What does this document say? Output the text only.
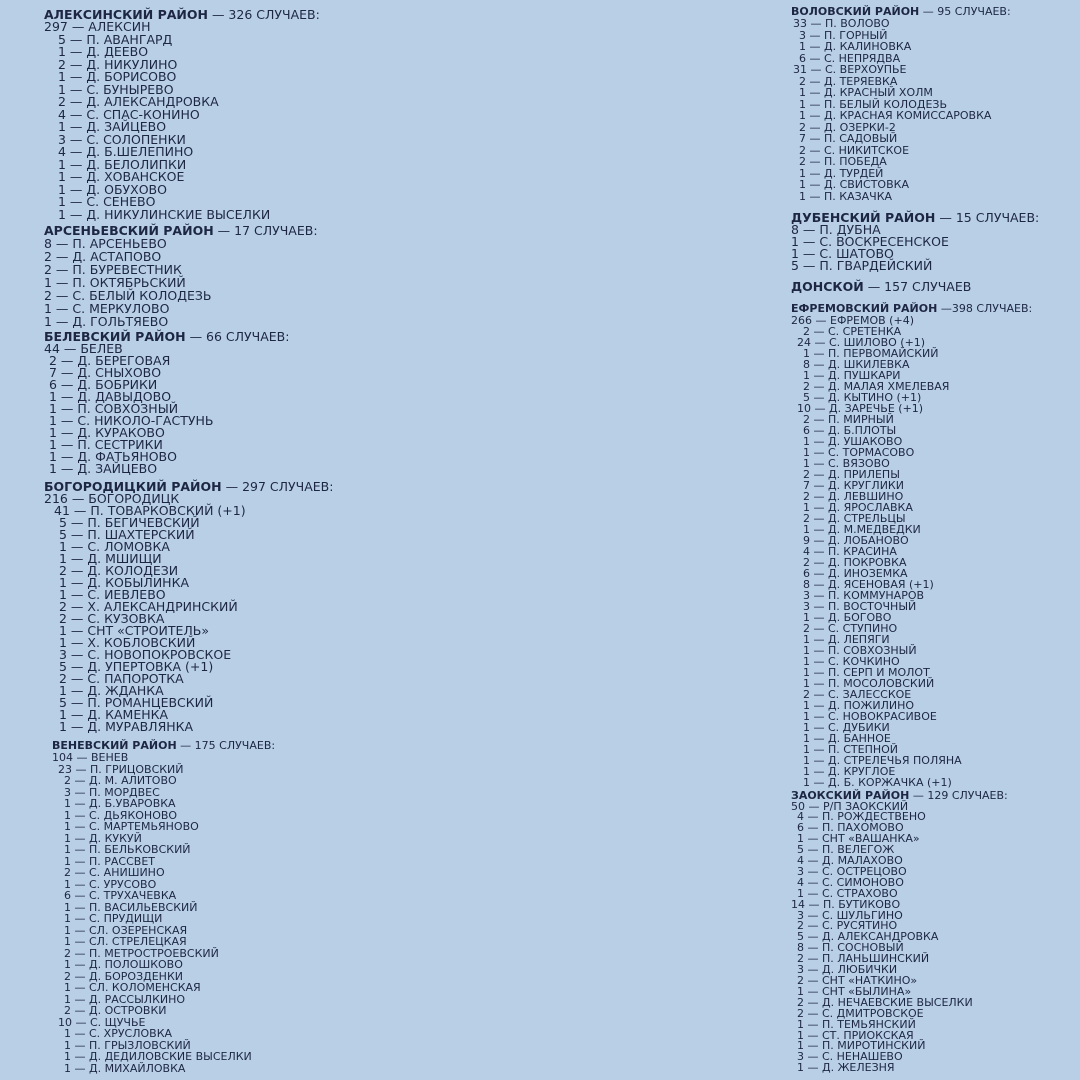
АЛЕКСИНСКИЙ РАЙОН — 326 СЛУЧАЕВ:
297 — АЛЕКСИН
5 — П. АВАНГАРД
1 — Д. ДЕЕВО
2 — Д. НИКУЛИНО
1 — Д. БОРИСОВО
1 — С. БУНЫРЕВО
2 — Д. АЛЕКСАНДРОВКА
4 — С. СПАС-КОНИНО
1 — Д. ЗАЙЦЕВО
3 — С. СОЛОПЕНКИ
4 — Д. Б.ШЕЛЕПИНО
1 — Д. БЕЛОЛИПКИ
1 — Д. ХОВАНСКОЕ
1 — Д. ОБУХОВО
1 — С. СЕНЕВО
1 — Д. НИКУЛИНСКИЕ ВЫСЕЛКИ
АРСЕНЬЕВСКИЙ РАЙОН — 17 СЛУЧАЕВ:
8 — П. АРСЕНЬЕВО
2 — Д. АСТАПОВО
2 — П. БУРЕВЕСТНИК
1 — П. ОКТЯБРЬСКИЙ
2 — С. БЕЛЫЙ КОЛОДЕЗЬ
1 — С. МЕРКУЛОВО
1 — Д. ГОЛЬТЯЕВО
БЕЛЕВСКИЙ РАЙОН — 66 СЛУЧАЕВ:
44 — БЕЛЕВ
2 — Д. БЕРЕГОВАЯ
7 — Д. СНЫХОВО
6 — Д. БОБРИКИ
1 — Д. ДАВЫДОВО
1 — П. СОВХОЗНЫЙ
1 — С. НИКОЛО-ГАСТУНЬ
1 — Д. КУРАКОВО
1 — П. СЕСТРИКИ
1 — Д. ФАТЬЯНОВО
1 — Д. ЗАЙЦЕВО
БОГОРОДИЦКИЙ РАЙОН — 297 СЛУЧАЕВ:
216 — БОГОРОДИЦК
41 — П. ТОВАРКОВСКИЙ (+1)
5 — П. БЕГИЧЕВСКИЙ
5 — П. ШАХТЕРСКИЙ
1 — С. ЛОМОВКА
1 — Д. МШИЩИ
2 — Д. КОЛОДЕЗИ
1 — Д. КОБЫЛИНКА
1 — С. ИЕВЛЕВО
2 — Х. АЛЕКСАНДРИНСКИЙ
2 — С. КУЗОВКА
1 — СНТ «СТРОИТЕЛЬ»
1 — Х. КОБЛОВСКИЙ
3 — С. НОВОПОКРОВСКОЕ
5 — Д. УПЕРТОВКА (+1)
2 — С. ПАПОРОТКА
1 — Д. ЖДАНКА
5 — П. РОМАНЦЕВСКИЙ
1 — Д. КАМЕНКА
1 — Д. МУРАВЛЯНКА
ВЕНЕВСКИЙ РАЙОН — 175 СЛУЧАЕВ:
104 — ВЕНЕВ
23 — П. ГРИЦОВСКИЙ
2 — Д. М. АЛИТОВО
3 — П. МОРДВЕС
1 — Д. Б.УВАРОВКА
1 — С. ДЬЯКОНОВО
1 — С. МАРТЕМЬЯНОВО
1 — Д. КУКУЙ
1 — П. БЕЛЬКОВСКИЙ
1 — П. РАССВЕТ
2 — С. АНИШИНО
1 — С. УРУСОВО
6 — С. ТРУХАЧЕВКА
1 — П. ВАСИЛЬЕВСКИЙ
1 — С. ПРУДИЩИ
1 — СЛ. ОЗЕРЕНСКАЯ
1 — СЛ. СТРЕЛЕЦКАЯ
2 — П. МЕТРОСТРОЕВСКИЙ
1 — Д. ПОЛОШКОВО
2 — Д. БОРОЗДЕНКИ
1 — СЛ. КОЛОМЕНСКАЯ
1 — Д. РАССЫЛКИНО
2 — Д. ОСТРОВКИ
10 — С. ЩУЧЬЕ
1 — С. ХРУСЛОВКА
1 — П. ГРЫЗЛОВСКИЙ
1 — Д. ДЕДИЛОВСКИЕ ВЫСЕЛКИ
1 — Д. МИХАЙЛОВКА
ВОЛОВСКИЙ РАЙОН — 95 СЛУЧАЕВ:
33 — П. ВОЛОВО
3 — П. ГОРНЫЙ
1 — Д. КАЛИНОВКА
6 — С. НЕПРЯДВА
31 — С. ВЕРХОУПЬЕ
2 — Д. ТЕРЯЕВКА
1 — Д. КРАСНЫЙ ХОЛМ
1 — П. БЕЛЫЙ КОЛОДЕЗЬ
1 — Д. КРАСНАЯ КОМИССАРОВКА
2 — Д. ОЗЕРКИ-2
7 — П. САДОВЫЙ
2 — С. НИКИТСКОЕ
2 — П. ПОБЕДА
1 — Д. ТУРДЕЙ
1 — Д. СВИСТОВКА
1 — П. КАЗАЧКА
ДУБЕНСКИЙ РАЙОН — 15 СЛУЧАЕВ:
8 — П. ДУБНА
1 — С. ВОСКРЕСЕНСКОЕ
1 — С. ШАТОВО
5 — П. ГВАРДЕЙСКИЙ
ДОНСКОЙ — 157 СЛУЧАЕВ
ЕФРЕМОВСКИЙ РАЙОН —398 СЛУЧАЕВ:
266 — ЕФРЕМОВ (+4)
2 — С. СРЕТЕНКА
24 — С. ШИЛОВО (+1)
1 — П. ПЕРВОМАЙСКИЙ
8 — Д. ШКИЛЕВКА
1 — Д. ПУШКАРИ
2 — Д. МАЛАЯ ХМЕЛЕВАЯ
5 — Д. КЫТИНО (+1)
10 — Д. ЗАРЕЧЬЕ (+1)
2 — П. МИРНЫЙ
6 — Д. Б.ПЛОТЫ
1 — Д. УШАКОВО
1 — С. ТОРМАСОВО
1 — С. ВЯЗОВО
2 — Д. ПРИЛЕПЫ
7 — Д. КРУГЛИКИ
2 — Д. ЛЕВШИНО
1 — Д. ЯРОСЛАВКА
2 — Д. СТРЕЛЬЦЫ
1 — Д. М.МЕДВЕДКИ
9 — Д. ЛОБАНОВО
4 — П. КРАСИНА
2 — Д. ПОКРОВКА
6 — Д. ИНОЗЕМКА
8 — Д. ЯСЕНОВАЯ (+1)
3 — П. КОММУНАРОВ
3 — П. ВОСТОЧНЫЙ
1 — Д. БОГОВО
2 — С. СТУПИНО
1 — Д. ЛЕПЯГИ
1 — П. СОВХОЗНЫЙ
1 — С. КОЧКИНО
1 — П. СЕРП И МОЛОТ
1 — П. МОСОЛОВСКИЙ
2 — С. ЗАЛЕССКОЕ
1 — Д. ПОЖИЛИНО
1 — С. НОВОКРАСИВОЕ
1 — С. ДУБИКИ
1 — Д. БАННОЕ
1 — П. СТЕПНОЙ
1 — Д. СТРЕЛЕЧЬЯ ПОЛЯНА
1 — Д. КРУГЛОЕ
1 — Д. Б. КОРЖАЧКА (+1)
ЗАОКСКИЙ РАЙОН — 129 СЛУЧАЕВ:
50 — Р/П ЗАОКСКИЙ
4 — П. РОЖДЕСТВЕНО
6 — П. ПАХОМОВО
1 — СНТ «ВАШАНКА»
5 — П. ВЕЛЕГОЖ
4 — Д. МАЛАХОВО
3 — С. ОСТРЕЦОВО
4 — С. СИМОНОВО
1 — С. СТРАХОВО
14 — П. БУТИКОВО
3 — С. ШУЛЬГИНО
2 — С. РУСЯТИНО
5 — Д. АЛЕКСАНДРОВКА
8 — П. СОСНОВЫЙ
2 — П. ЛАНЬШИНСКИЙ
3 — Д. ЛЮБИЧКИ
2 — СНТ «НАТКИНО»
1 — СНТ «БЫЛИНА»
2 — Д. НЕЧАЕВСКИЕ ВЫСЕЛКИ
2 — С. ДМИТРОВСКОЕ
1 — П. ТЕМЬЯНСКИЙ
1 — СТ. ПРИОКСКАЯ
1 — П. МИРОТИНСКИЙ
3 — С. НЕНАШЕВО
1 — Д. ЖЕЛЕЗНЯ
